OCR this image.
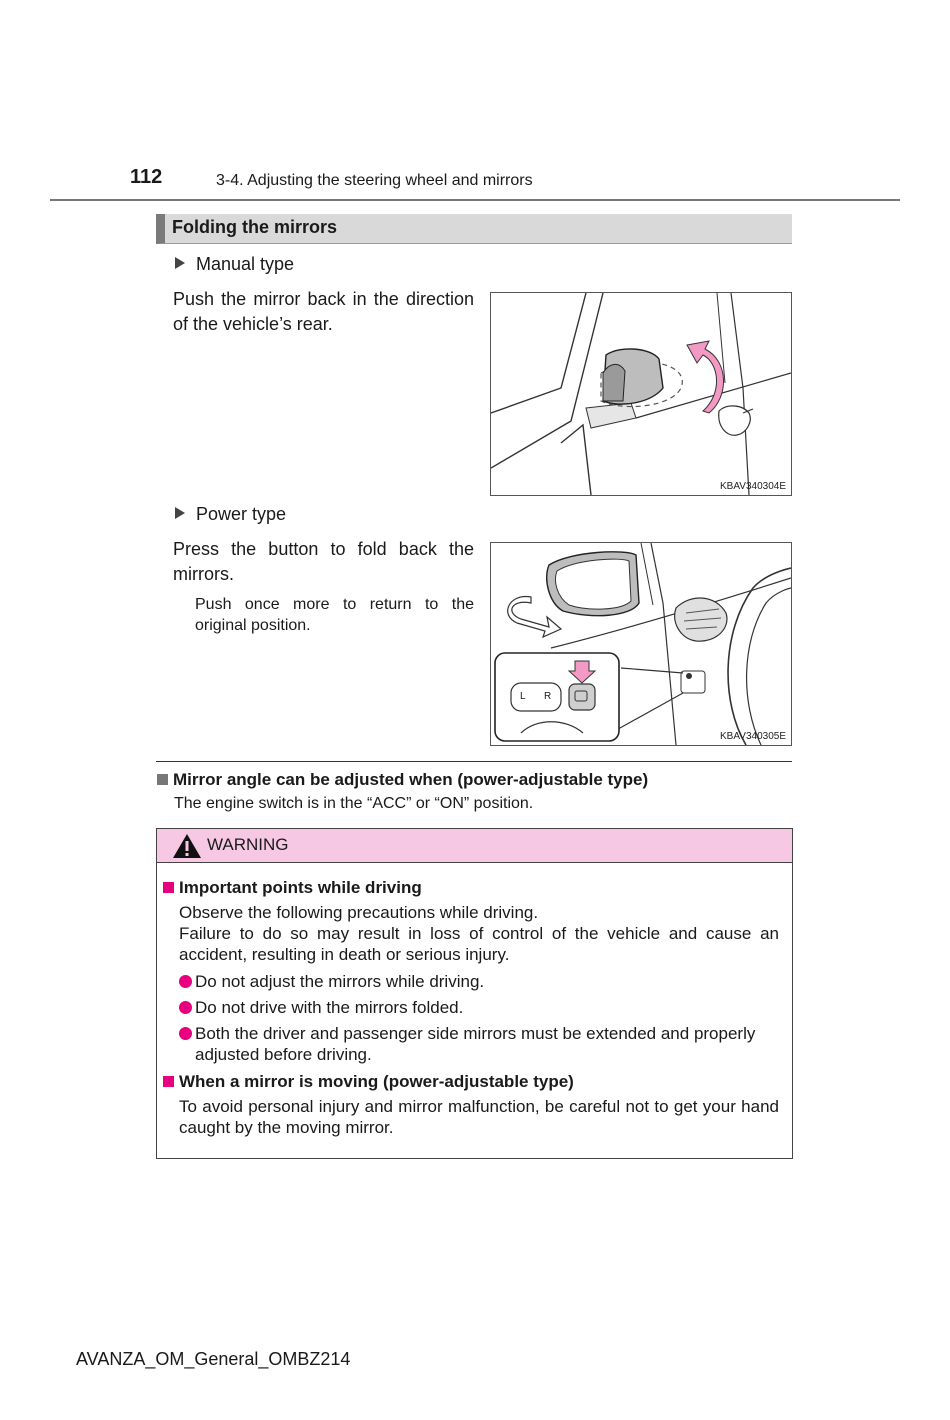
112	3-4. Adjusting the steering wheel and mirrors
Folding the mirrors
Manual type
Push the mirror back in the direction of the vehicle’s rear.
KBAV340304E
Power type
Press the button to fold back the mirrors.
Push once more to return to the original position.
L R
KBAV340305E
Mirror angle can be adjusted when (power-adjustable type)
The engine switch is in the “ACC” or “ON” position.
WARNING
Important points while driving
Observe the following precautions while driving.
Failure to do so may result in loss of control of the vehicle and cause an accident, resulting in death or serious injury.
Do not adjust the mirrors while driving.
Do not drive with the mirrors folded.
Both the driver and passenger side mirrors must be extended and properly adjusted before driving.
When a mirror is moving (power-adjustable type)
To avoid personal injury and mirror malfunction, be careful not to get your hand caught by the moving mirror.
AVANZA_OM_General_OMBZ214
